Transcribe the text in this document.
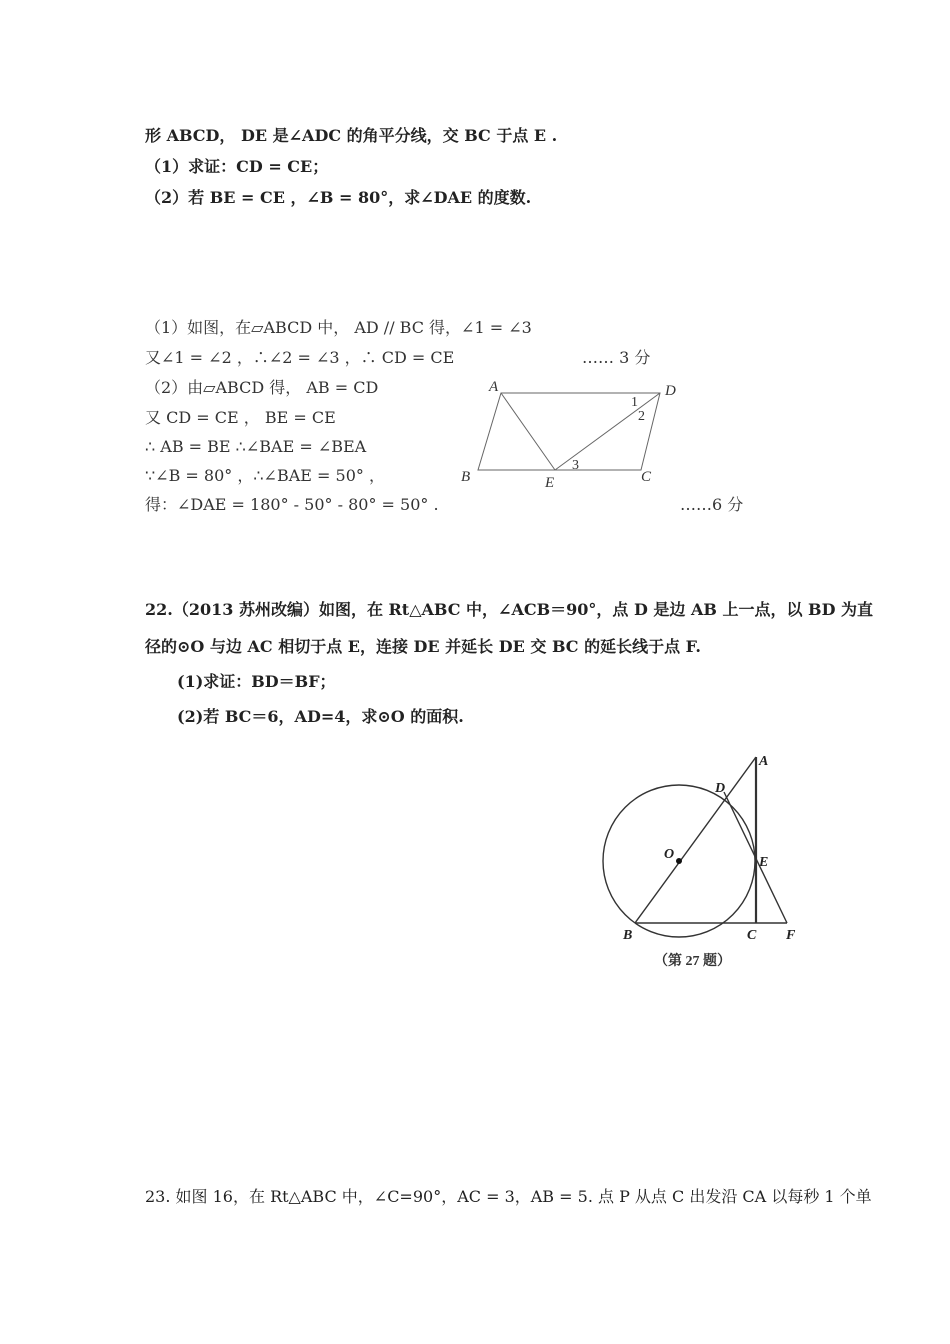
形 ABCD， DE 是∠ADC 的角平分线，交 BC 于点 E .
（1）求证：CD = CE；
（2）若 BE = CE ，∠B = 80°，求∠DAE 的度数.
（1）如图，在▱ABCD 中， AD // BC 得，∠1 = ∠3
又∠1 = ∠2 ，∴∠2 = ∠3 ，∴ CD = CE	…… 3 分
（2）由▱ABCD 得， AB = CD
又 CD = CE ， BE = CE
∴ AB = BE ∴∠BAE = ∠BEA
∵∠B = 80° ，∴∠BAE = 50° ，
得：∠DAE = 180° - 50° - 80° = 50° .	……6 分
A	D
B	E	C
1
2
3
22.（2013 苏州改编）如图，在 Rt△ABC 中，∠ACB＝90°，点 D 是边 AB 上一点，以 BD 为直
径的⊙O 与边 AC 相切于点 E，连接 DE 并延长 DE 交 BC 的延长线于点 F.
(1)求证：BD＝BF；
(2)若 BC＝6，AD=4，求⊙O 的面积.
A
D
O
E
B	C F
（第 27 题）
23. 如图 16，在 Rt△ABC 中，∠C=90°，AC = 3，AB = 5. 点 P 从点 C 出发沿 CA 以每秒 1 个单
